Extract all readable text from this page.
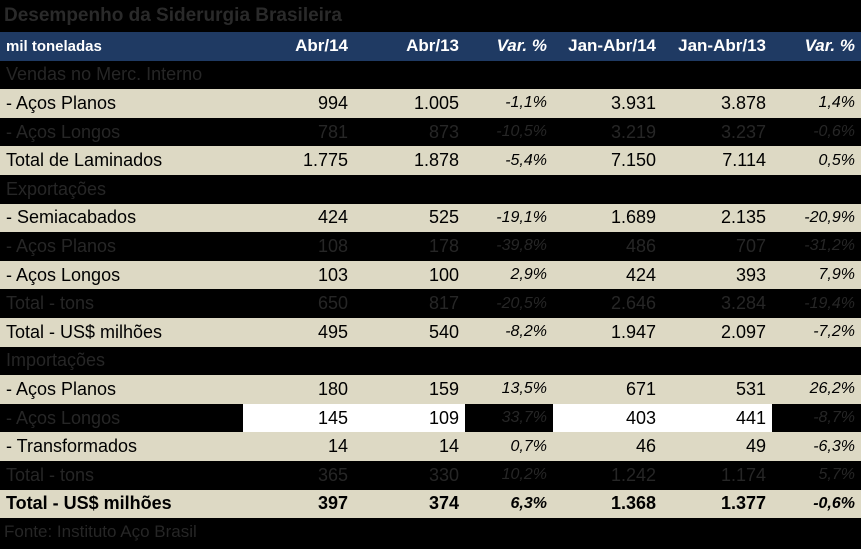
Desempenho da Siderurgia Brasileira
mil toneladas	Abr/14	Abr/13	Var. %	Jan-Abr/14	Jan-Abr/13	Var. %
Vendas no Merc. Interno						
- Aços Planos	994	1.005	-1,1%	3.931	3.878	1,4%
- Aços Longos	781	873	-10,5%	3.219	3.237	-0,6%
Total de Laminados	1.775	1.878	-5,4%	7.150	7.114	0,5%
Exportações						
- Semiacabados	424	525	-19,1%	1.689	2.135	-20,9%
- Aços Planos	108	178	-39,8%	486	707	-31,2%
- Aços Longos	103	100	2,9%	424	393	7,9%
Total - tons	650	817	-20,5%	2.646	3.284	-19,4%
Total - US$ milhões	495	540	-8,2%	1.947	2.097	-7,2%
Importações						
- Aços Planos	180	159	13,5%	671	531	26,2%
- Aços Longos	145	109	33,7%	403	441	-8,7%
- Transformados	14	14	0,7%	46	49	-6,3%
Total - tons	365	330	10,2%	1.242	1.174	5,7%
Total - US$ milhões	397	374	6,3%	1.368	1.377	-0,6%
Fonte: Instituto Aço Brasil
